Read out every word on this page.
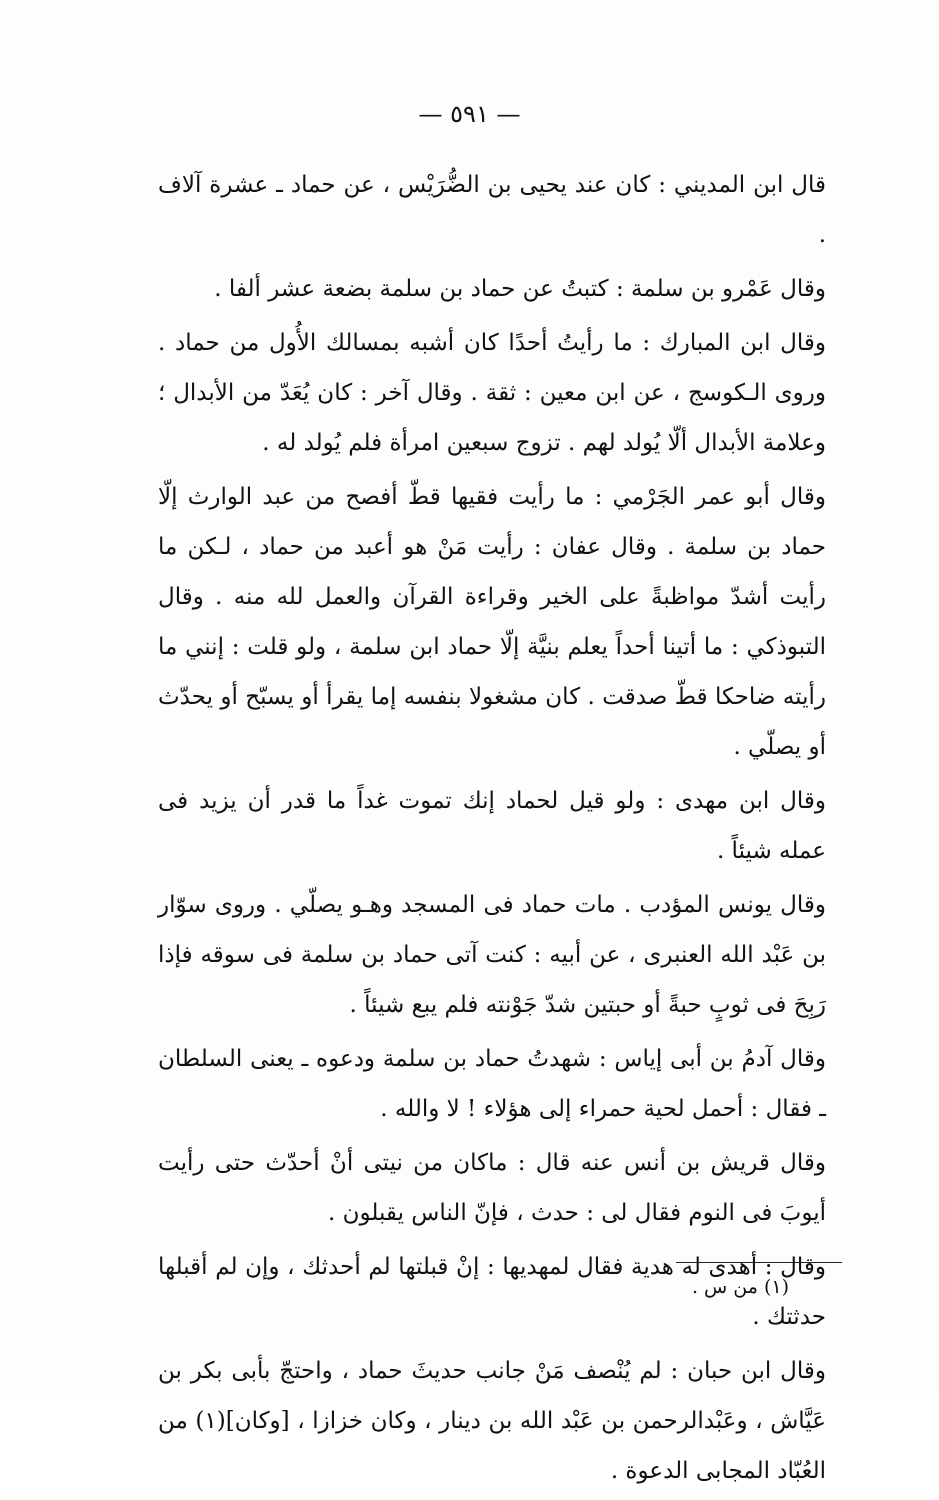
— ٥٩١ —

قال ابن المديني : كان عند يحيى بن الضُّرَيْس ، عن حماد ـ عشرة آلاف .

وقال عَمْرو بن سلمة : كتبتُ عن حماد بن سلمة بضعة عشر ألفا .

وقال ابن المبارك : ما رأيتُ أحدًا كان أشبه بمسالك الأُول من حماد . وروى الـكوسج ، عن ابن معين : ثقة . وقال آخر : كان يُعَدّ من الأبدال ؛ وعلامة الأبدال ألّا يُولد لهم . تزوج سبعين امرأة فلم يُولد له .

وقال أبو عمر الجَرْمي : ما رأيت فقيها قطّ أفصح من عبد الوارث إلّا حماد بن سلمة . وقال عفان : رأيت مَنْ هو أعبد من حماد ، لـكن ما رأيت أشدّ مواظبةً على الخير وقراءة القرآن والعمل لله منه . وقال التبوذكي : ما أتينا أحداً يعلم بنيَّة إلّا حماد ابن سلمة ، ولو قلت : إنني ما رأيته ضاحكا قطّ صدقت . كان مشغولا بنفسه إما يقرأ أو يسبّح أو يحدّث أو يصلّي .

وقال ابن مهدى : ولو قيل لحماد إنك تموت غداً ما قدر أن يزيد فى عمله شيئاً .

وقال يونس المؤدب . مات حماد فى المسجد وهـو يصلّي . وروى سوّار بن عَبْد الله العنبرى ، عن أبيه : كنت آتى حماد بن سلمة فى سوقه فإذا رَبِحَ فى ثوبٍ حبةً أو حبتين شدّ جَوْنته فلم يبع شيئاً .

وقال آدمُ بن أبى إياس : شهدتُ حماد بن سلمة ودعوه ـ يعنى السلطان ـ فقال : أحمل لحية حمراء إلى هؤلاء ! لا والله .

وقال قريش بن أنس عنه قال : ماكان من نيتى أنْ أحدّث حتى رأيت أيوبَ فى النوم فقال لى : حدث ، فإنّ الناس يقبلون .

وقال : أهدى له هدية فقال لمهديها : إنْ قبلتها لم أحدثك ، وإن لم أقبلها حدثتك .

وقال ابن حبان : لم يُنْصف مَنْ جانب حديثَ حماد ، واحتجّ بأبى بكر بن عَيَّاش ، وعَبْدالرحمن بن عَبْد الله بن دينار ، وكان خزازا ، [وكان](١) من العُبّاد المجابى الدعوة .

(١) من س .
